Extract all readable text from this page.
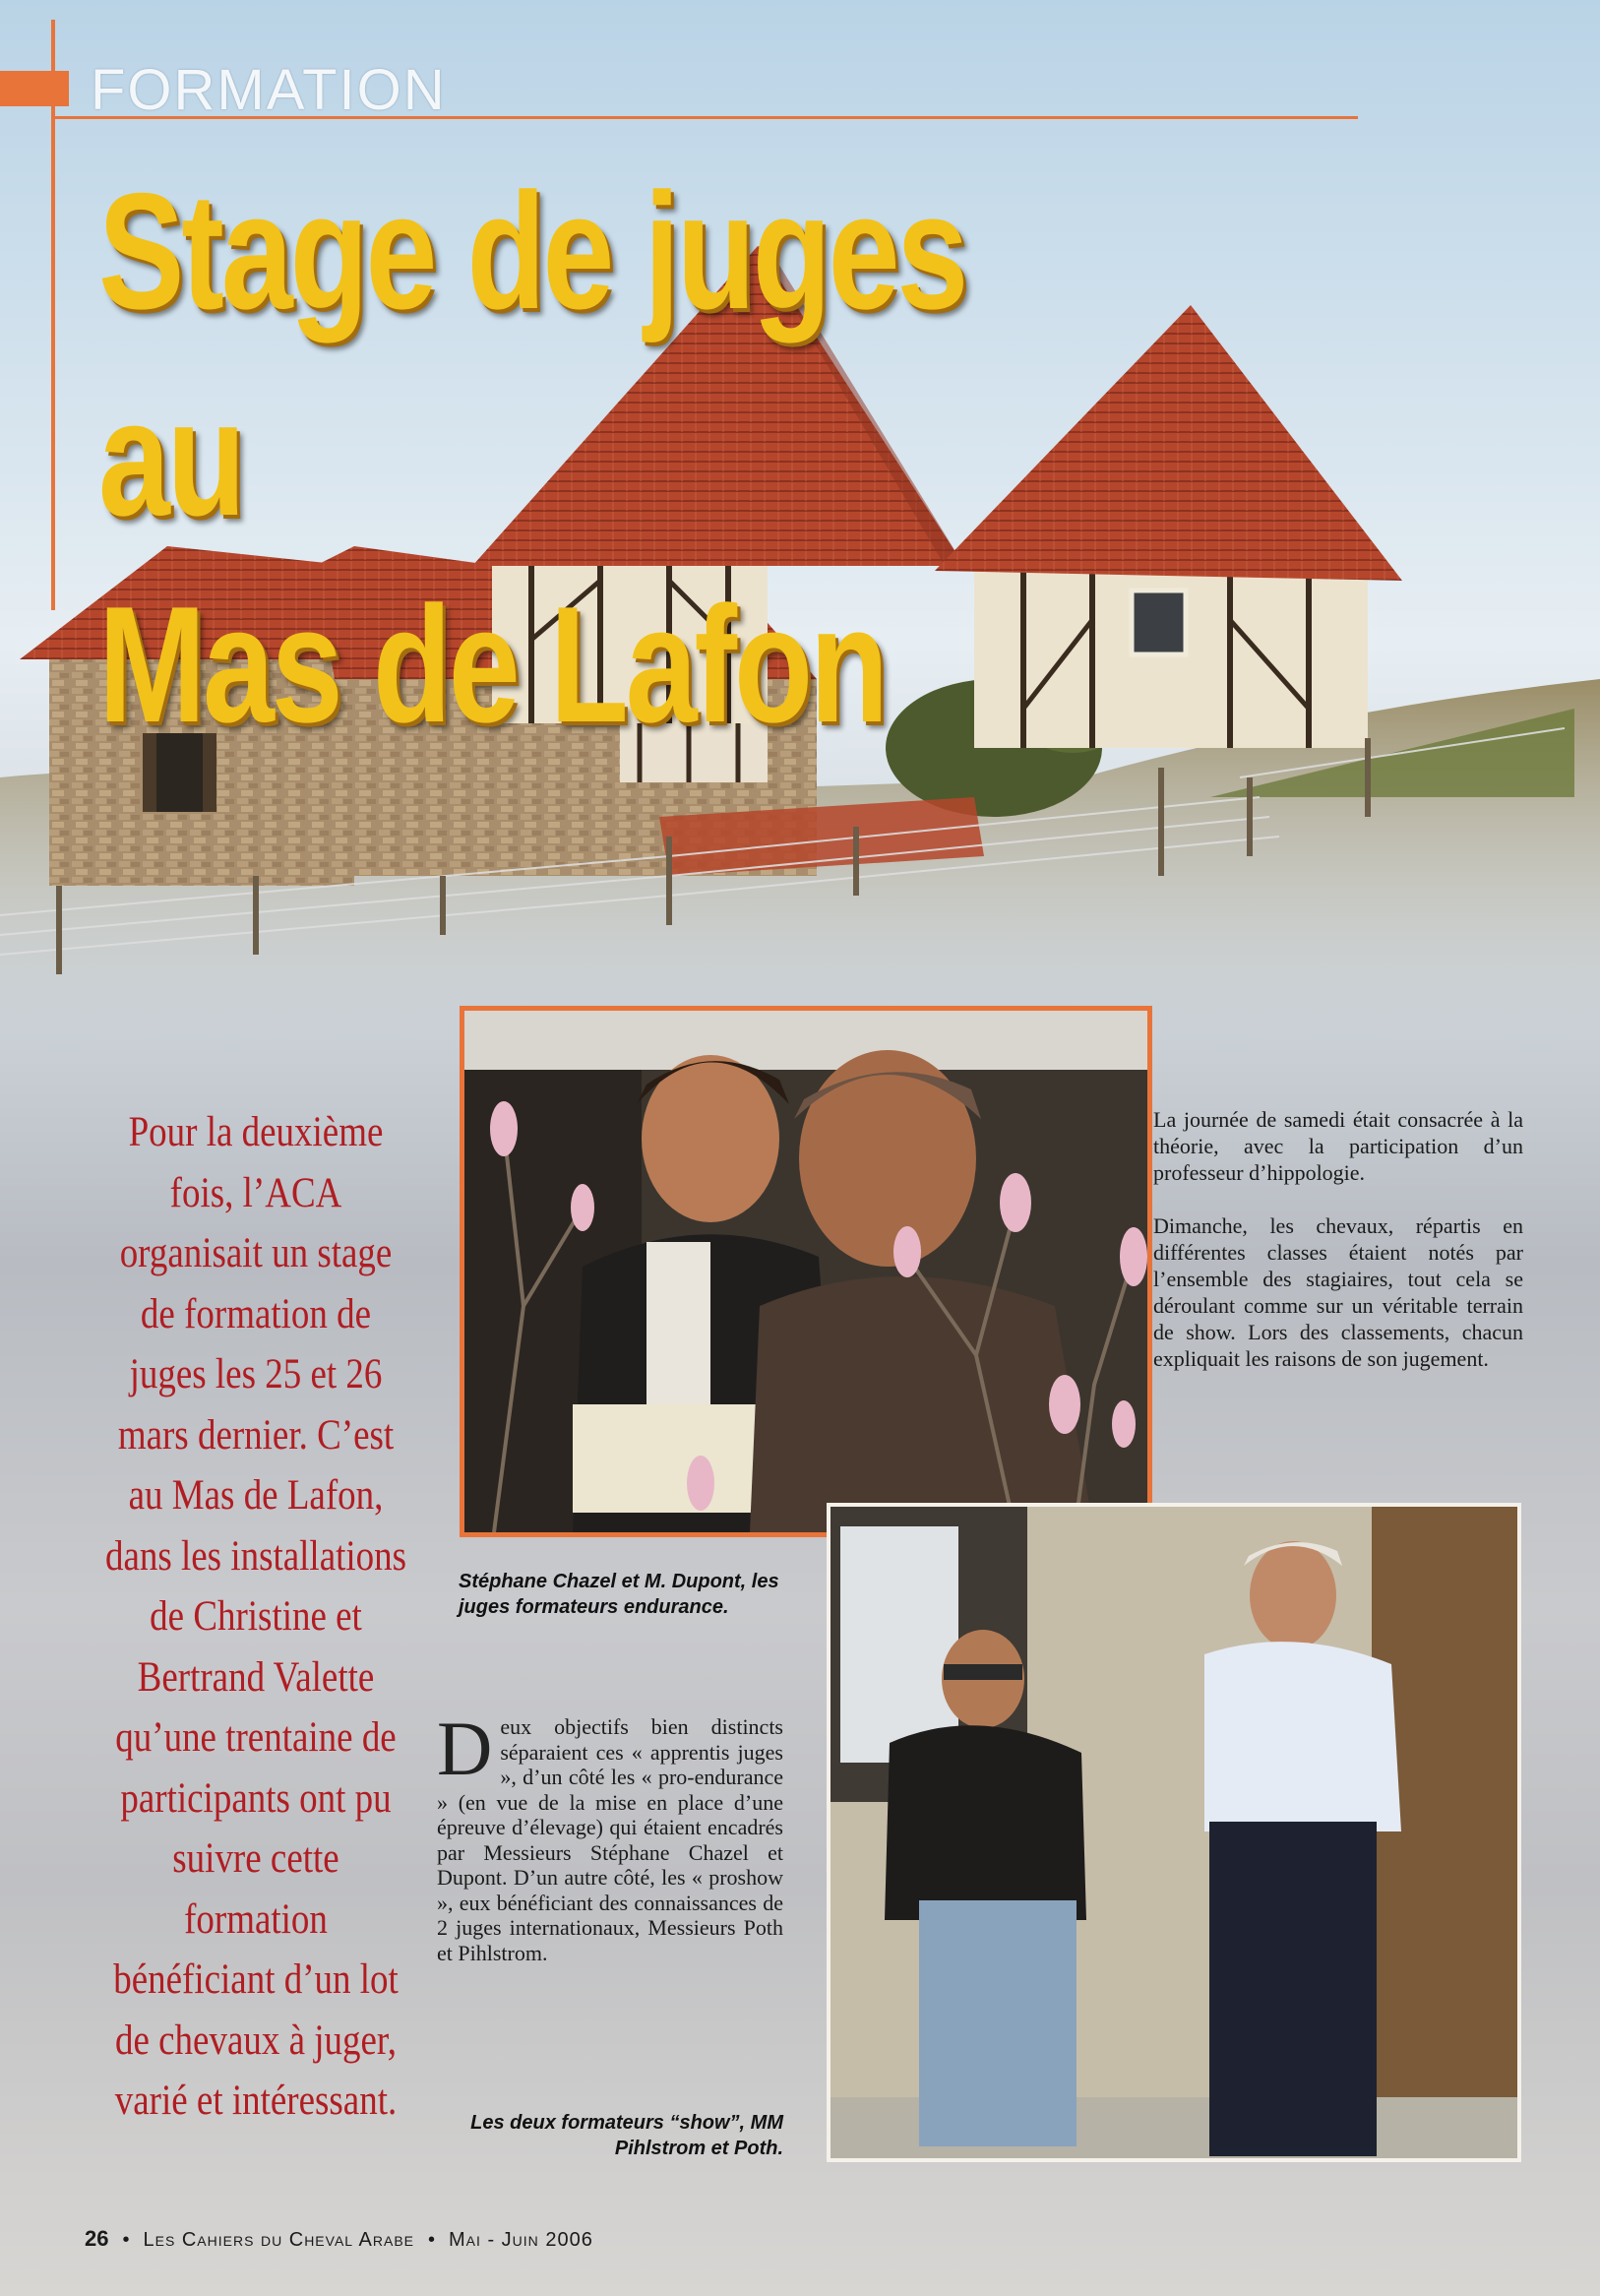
FORMATION
Stage de juges au
Mas de Lafon
Pour la deuxième fois, l’ACA organisait un stage de formation de juges les 25 et 26 mars dernier. C’est au Mas de Lafon, dans les installations de Christine et Bertrand Valette qu’une trentaine de participants ont pu suivre cette formation bénéficiant d’un lot de chevaux à juger, varié et intéressant.
Stéphane Chazel et M. Dupont, les juges formateurs endurance.

La journée de samedi était consacrée à la théorie, avec la participation d’un professeur d’hippologie.

Dimanche, les chevaux, répartis en différentes classes étaient notés par l’ensemble des stagiaires, tout cela se déroulant comme sur un véritable terrain de show. Lors des classements, chacun expliquait les raisons de son jugement.

Deux objectifs bien distincts séparaient ces « apprentis juges », d’un côté les « pro-endurance » (en vue de la mise en place d’une épreuve d’élevage) qui étaient encadrés par Messieurs Stéphane Chazel et Dupont. D’un autre côté, les « proshow », eux bénéficiant des connaissances de 2 juges internationaux, Messieurs Poth et Pihlstrom.
Les deux formateurs “show”, MM Pihlstrom et Poth.
26 • Les Cahiers du Cheval Arabe • Mai - Juin 2006
